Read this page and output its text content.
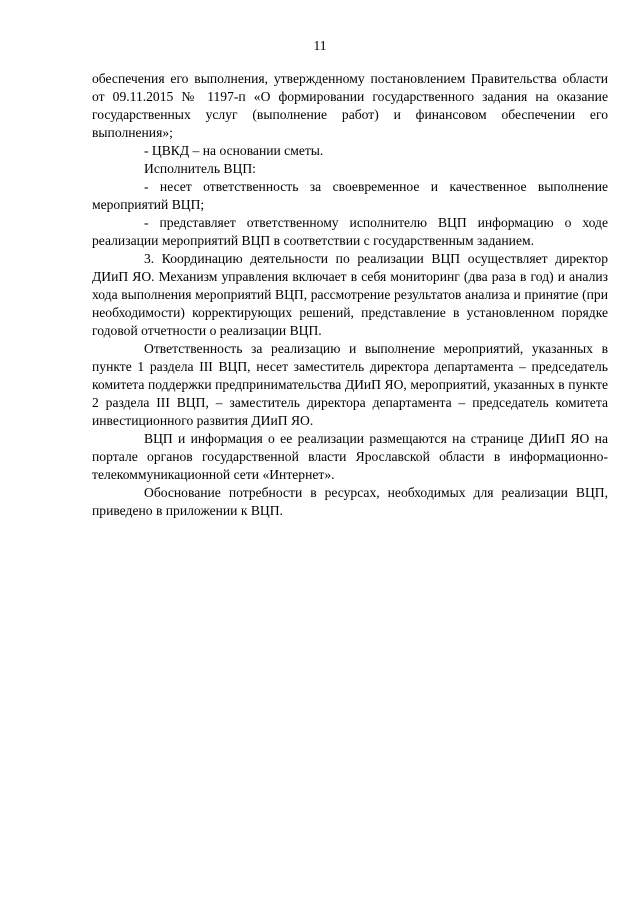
11

обеспечения его выполнения, утвержденному постановлением Правительства области от 09.11.2015 № 1197-п «О формировании государственного задания на оказание государственных услуг (выполнение работ) и финансовом обеспечении его выполнения»;

- ЦВКД – на основании сметы.

Исполнитель ВЦП:

- несет ответственность за своевременное и качественное выполнение мероприятий ВЦП;

- представляет ответственному исполнителю ВЦП информацию о ходе реализации мероприятий ВЦП в соответствии с государственным заданием.

3. Координацию деятельности по реализации ВЦП осуществляет директор ДИиП ЯО. Механизм управления включает в себя мониторинг (два раза в год) и анализ хода выполнения мероприятий ВЦП, рассмотрение результатов анализа и принятие (при необходимости) корректирующих решений, представление в установленном порядке годовой отчетности о реализации ВЦП.

Ответственность за реализацию и выполнение мероприятий, указанных в пункте 1 раздела III ВЦП, несет заместитель директора департамента – председатель комитета поддержки предпринимательства ДИиП ЯО, мероприятий, указанных в пункте 2 раздела III ВЦП, – заместитель директора департамента – председатель комитета инвестиционного развития ДИиП ЯО.

ВЦП и информация о ее реализации размещаются на странице ДИиП ЯО на портале органов государственной власти Ярославской области в информационно-телекоммуникационной сети «Интернет».

Обоснование потребности в ресурсах, необходимых для реализации ВЦП, приведено в приложении к ВЦП.
